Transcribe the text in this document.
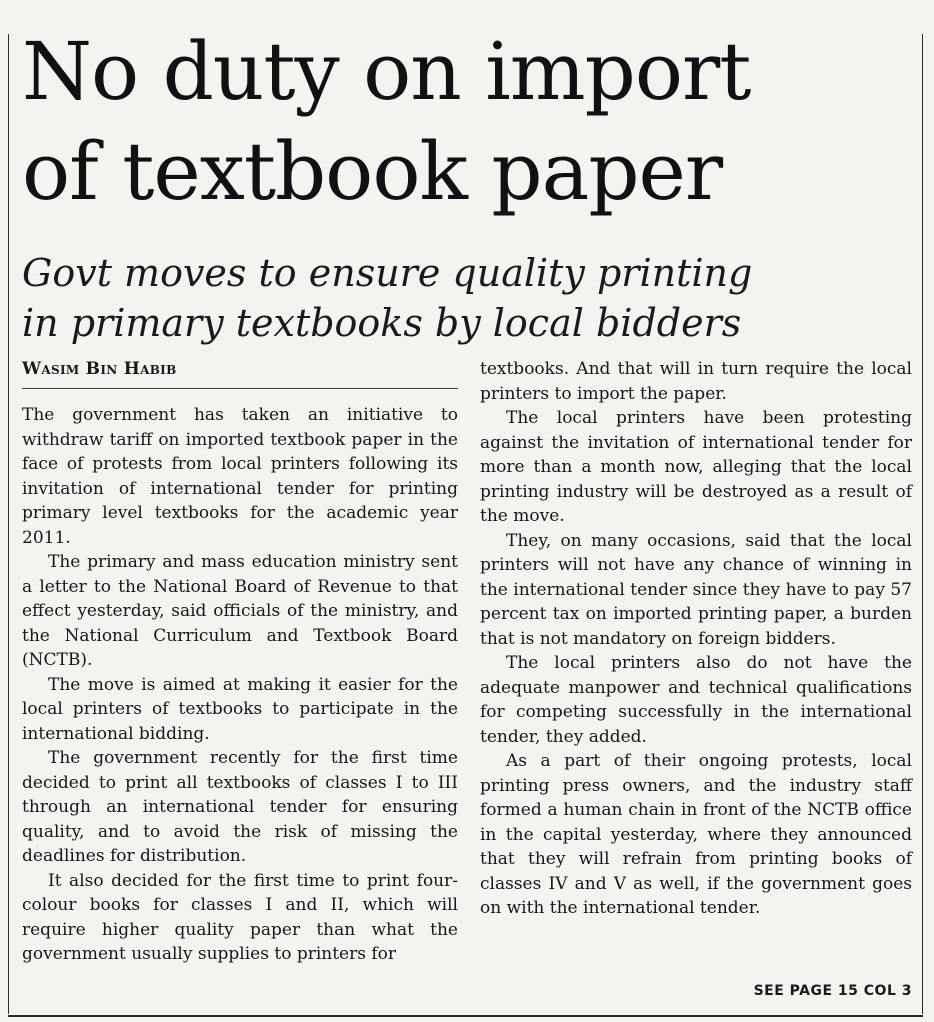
No duty on import
of textbook paper
Govt moves to ensure quality printing
in primary textbooks by local bidders
Wasim Bin Habib

The government has taken an initiative to withdraw tariff on imported textbook paper in the face of protests from local printers following its invitation of international tender for printing primary level textbooks for the academic year 2011.

The primary and mass education ministry sent a letter to the National Board of Revenue to that effect yesterday, said officials of the ministry, and the National Curriculum and Textbook Board (NCTB).

The move is aimed at making it easier for the local printers of textbooks to participate in the international bidding.

The government recently for the first time decided to print all textbooks of classes I to III through an international tender for ensuring quality, and to avoid the risk of missing the deadlines for distribution.

It also decided for the first time to print four-colour books for classes I and II, which will require higher quality paper than what the government usually supplies to printers for

textbooks. And that will in turn require the local printers to import the paper.

The local printers have been protesting against the invitation of international tender for more than a month now, alleging that the local printing industry will be destroyed as a result of the move.

They, on many occasions, said that the local printers will not have any chance of winning in the international tender since they have to pay 57 percent tax on imported printing paper, a burden that is not mandatory on foreign bidders.

The local printers also do not have the adequate manpower and technical qualifications for competing successfully in the international tender, they added.

As a part of their ongoing protests, local printing press owners, and the industry staff formed a human chain in front of the NCTB office in the capital yesterday, where they announced that they will refrain from printing books of classes IV and V as well, if the government goes on with the international tender.

SEE PAGE 15 COL 3
